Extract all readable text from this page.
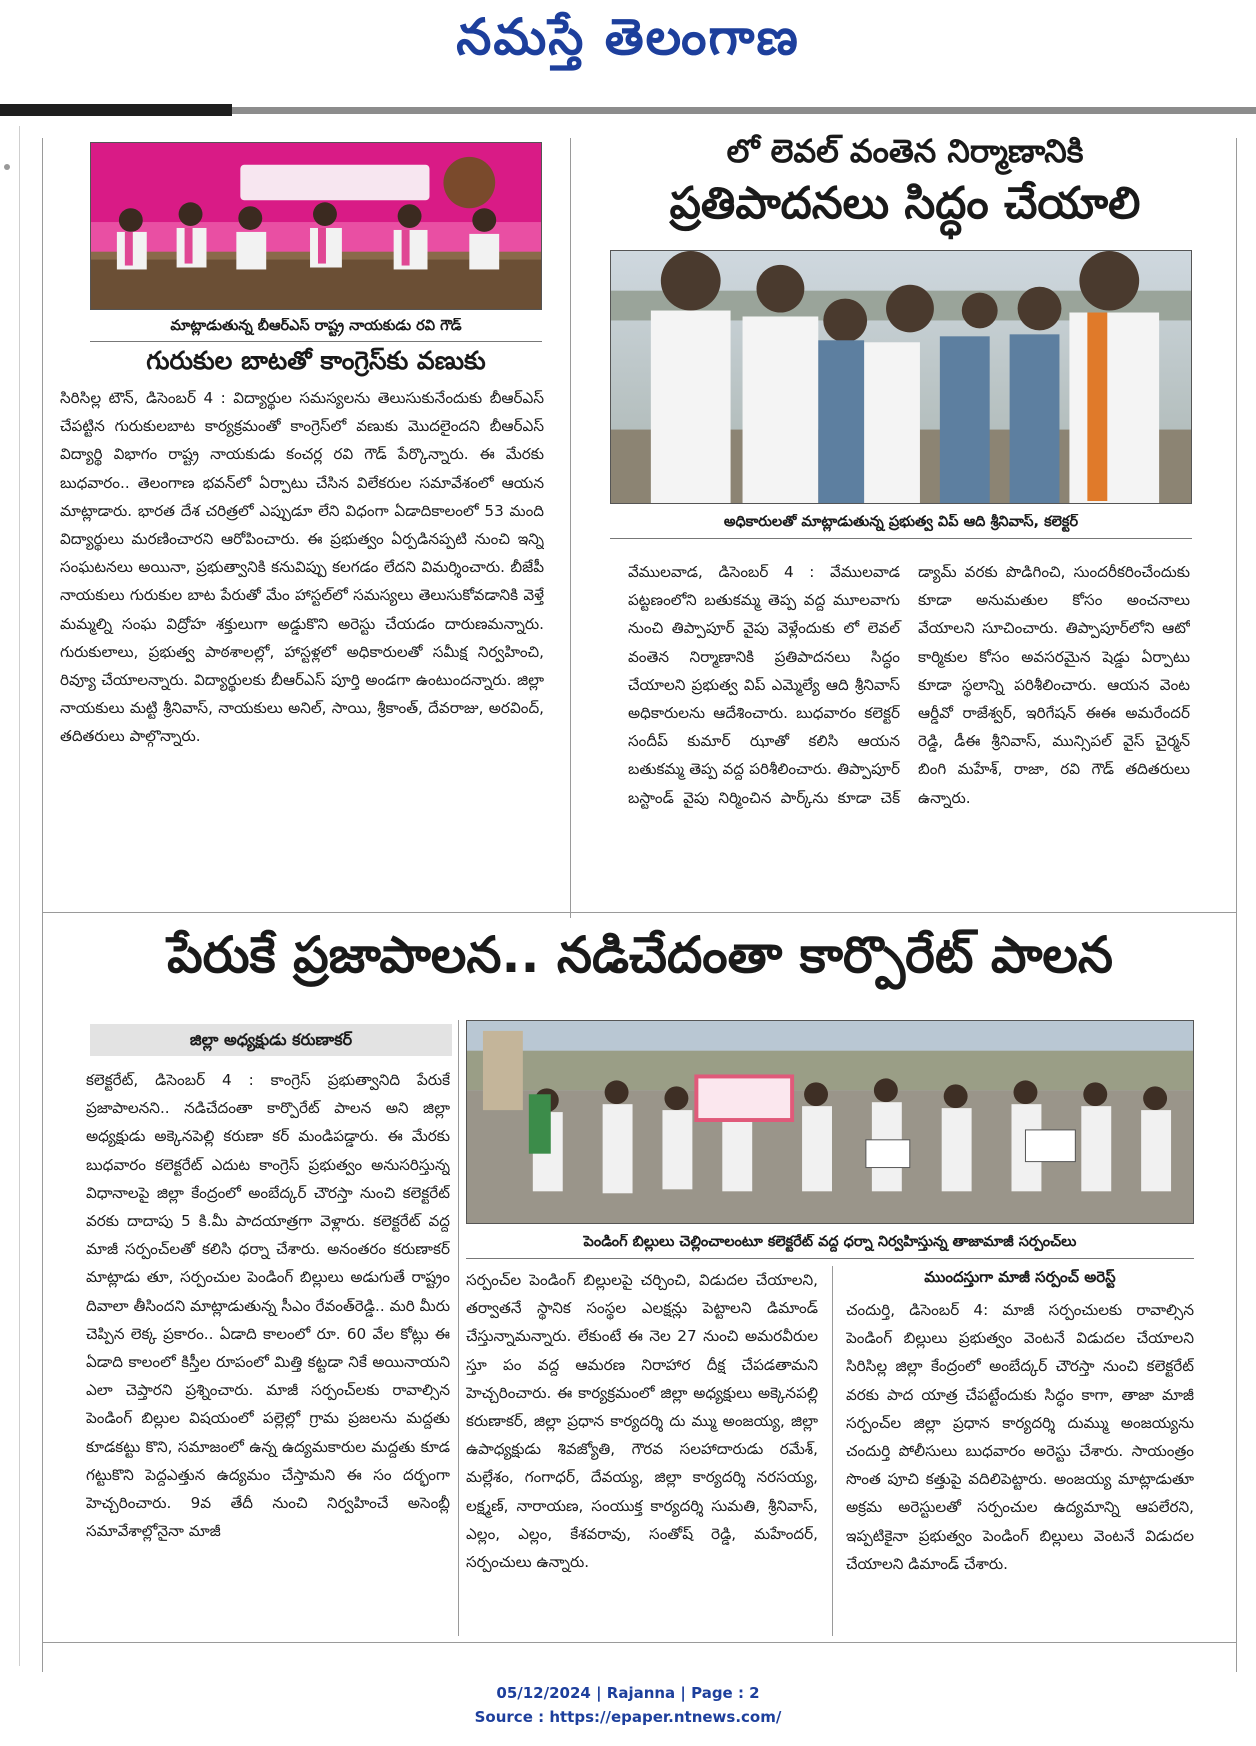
నమస్తే తెలంగాణ
మాట్లాడుతున్న బీఆర్‌ఎస్‌ రాష్ట్ర నాయకుడు రవి గౌడ్‌
గురుకుల బాటతో కాంగ్రెస్‌కు వణుకు

సిరిసిల్ల టౌన్‌, డిసెంబర్‌ 4 : విద్యార్థుల సమస్యలను తెలుసుకునేందుకు బీఆర్‌ఎస్‌ చేపట్టిన గురుకులబాట కార్యక్రమంతో కాంగ్రెస్‌లో వణుకు మొదలైందని బీఆర్‌ఎస్‌ విద్యార్థి విభాగం రాష్ట్ర నాయకుడు కంచర్ల రవి గౌడ్‌ పేర్కొన్నారు. ఈ మేరకు బుధవారం.. తెలంగాణ భవన్‌లో ఏర్పాటు చేసిన విలేకరుల సమావేశంలో ఆయన మాట్లాడారు. భారత దేశ చరిత్రలో ఎప్పుడూ లేని విధంగా ఏడాదికాలంలో 53 మంది విద్యార్థులు మరణించారని ఆరోపించారు. ఈ ప్రభుత్వం ఏర్పడినప్పటి నుంచి ఇన్ని సంఘటనలు అయినా, ప్రభుత్వానికి కనువిప్పు కలగడం లేదని విమర్శించారు. బీజేపీ నాయకులు గురుకుల బాట పేరుతో మేం హాస్టల్‌లో సమస్యలు తెలుసుకోవడానికి వెళ్తే మమ్మల్ని సంఘ విద్రోహ శక్తులుగా అడ్డుకొని అరెస్టు చేయడం దారుణమన్నారు. గురుకులాలు, ప్రభుత్వ పాఠశాలల్లో, హాస్టళ్లలో అధికారులతో సమీక్ష నిర్వహించి, రివ్యూ చేయాలన్నారు. విద్యార్థులకు బీఆర్‌ఎస్‌ పూర్తి అండగా ఉంటుందన్నారు. జిల్లా నాయకులు మట్టి శ్రీనివాస్‌, నాయకులు అనిల్‌, సాయి, శ్రీకాంత్‌, దేవరాజు, అరవింద్‌, తదితరులు పాల్గొన్నారు.

లో లెవల్‌ వంతెన నిర్మాణానికి
ప్రతిపాదనలు సిద్ధం చేయాలి
అధికారులతో మాట్లాడుతున్న ప్రభుత్వ విప్‌ ఆది శ్రీనివాస్‌, కలెక్టర్‌

వేములవాడ, డిసెంబర్‌ 4 : వేములవాడ పట్టణంలోని బతుకమ్మ తెప్ప వద్ద మూలవాగు నుంచి తిప్పాపూర్‌ వైపు వెళ్లేందుకు లో లెవల్‌ వంతెన నిర్మాణానికి ప్రతిపాదనలు సిద్ధం చేయాలని ప్రభుత్వ విప్‌ ఎమ్మెల్యే ఆది శ్రీనివాస్‌ అధికారులను ఆదేశించారు. బుధవారం కలెక్టర్‌ సందీప్‌ కుమార్‌ ఝాతో కలిసి ఆయన బతుకమ్మ తెప్ప వద్ద పరిశీలించారు. తిప్పాపూర్‌ బస్టాండ్‌ వైపు నిర్మించిన పార్క్‌ను కూడా చెక్‌ డ్యామ్‌ వరకు పొడిగించి, సుందరీకరించేందుకు కూడా అనుమతుల కోసం అంచనాలు వేయాలని సూచించారు. తిప్పాపూర్‌లోని ఆటో కార్మికుల కోసం అవసరమైన షెడ్డు ఏర్పాటు కూడా స్థలాన్ని పరిశీలించారు. ఆయన వెంట ఆర్డీవో రాజేశ్వర్‌, ఇరిగేషన్‌ ఈఈ అమరేందర్‌ రెడ్డి, డీఈ శ్రీనివాస్‌, మున్సిపల్‌ వైస్‌ చైర్మన్‌ బింగి మహేశ్‌, రాజా, రవి గౌడ్‌ తదితరులు ఉన్నారు.

పేరుకే ప్రజాపాలన.. నడిచేదంతా కార్పొరేట్‌ పాలన
జిల్లా అధ్యక్షుడు కరుణాకర్‌

కలెక్టరేట్‌, డిసెంబర్‌ 4 : కాంగ్రెస్‌ ప్రభుత్వానిది పేరుకే ప్రజాపాలనని.. నడిచేదంతా కార్పొరేట్‌ పాలన అని జిల్లా అధ్యక్షుడు అక్కెనపెల్లి కరుణా కర్‌ మండిపడ్డారు. ఈ మేరకు బుధవారం కలెక్టరేట్‌ ఎదుట కాంగ్రెస్‌ ప్రభుత్వం అనుసరిస్తున్న విధానాలపై జిల్లా కేంద్రంలో అంబేద్కర్‌ చౌరస్తా నుంచి కలెక్టరేట్‌ వరకు దాదాపు 5 కి.మీ పాదయాత్రగా వెళ్లారు. కలెక్టరేట్‌ వద్ద మాజీ సర్పంచ్‌లతో కలిసి ధర్నా చేశారు. అనంతరం కరుణాకర్‌ మాట్లాడు తూ, సర్పంచుల పెండింగ్‌ బిల్లులు అడుగుతే రాష్ట్రం దివాలా తీసిందని మాట్లాడుతున్న సీఎం రేవంత్‌రెడ్డి.. మరి మీరు చెప్పిన లెక్క ప్రకారం.. ఏడాది కాలంలో రూ. 60 వేల కోట్లు ఈ ఏడాది కాలంలో కిస్తీల రూపంలో మిత్తి కట్టడా నికే అయినాయని ఎలా చెప్తారని ప్రశ్నించారు. మాజీ సర్పంచ్‌లకు రావాల్సిన పెండింగ్‌ బిల్లుల విషయంలో పల్లెల్లో గ్రామ ప్రజలను మద్దతు కూడకట్టు కొని, సమాజంలో ఉన్న ఉద్యమకారుల మద్దతు కూడ గట్టుకొని పెద్దఎత్తున ఉద్యమం చేస్తామని ఈ సం దర్భంగా హెచ్చరించారు. 9వ తేదీ నుంచి నిర్వహించే అసెంబ్లీ సమావేశాల్లోనైనా మాజీ

పెండింగ్‌ బిల్లులు చెల్లించాలంటూ కలెక్టరేట్‌ వద్ద ధర్నా నిర్వహిస్తున్న తాజామాజీ సర్పంచ్‌లు

సర్పంచ్‌ల పెండింగ్‌ బిల్లులపై చర్చించి, విడుదల చేయాలని, తర్వాతనే స్థానిక సంస్థల ఎలక్షన్లు పెట్టాలని డిమాండ్‌ చేస్తున్నామన్నారు. లేకుంటే ఈ నెల 27 నుంచి అమరవీరుల స్తూ పం వద్ద ఆమరణ నిరాహార దీక్ష చేపడతామని హెచ్చరించారు. ఈ కార్యక్రమంలో జిల్లా అధ్యక్షులు అక్కెనపల్లి కరుణాకర్‌, జిల్లా ప్రధాన కార్యదర్శి దు మ్ము అంజయ్య, జిల్లా ఉపాధ్యక్షుడు శివజ్యోతి, గౌరవ సలహాదారుడు రమేశ్‌, మల్లేశం, గంగాధర్‌, దేవయ్య, జిల్లా కార్యదర్శి నరసయ్య, లక్ష్మణ్‌, నారాయణ, సంయుక్త కార్యదర్శి సుమతి, శ్రీనివాస్‌, ఎల్లం, ఎల్లం, కేశవరావు, సంతోష్‌ రెడ్డి, మహేందర్‌, సర్పంచులు ఉన్నారు.

ముందస్తుగా మాజీ సర్పంచ్‌ అరెస్ట్‌

చందుర్తి, డిసెంబర్‌ 4: మాజీ సర్పంచులకు రావాల్సిన పెండింగ్‌ బిల్లులు ప్రభుత్వం వెంటనే విడుదల చేయాలని సిరిసిల్ల జిల్లా కేంద్రంలో అంబేద్కర్‌ చౌరస్తా నుంచి కలెక్టరేట్‌ వరకు పాద యాత్ర చేపట్టేందుకు సిద్ధం కాగా, తాజా మాజీ సర్పంచ్‌ల జిల్లా ప్రధాన కార్యదర్శి దుమ్ము అంజయ్యను చందుర్తి పోలీసులు బుధవారం అరెస్టు చేశారు. సాయంత్రం సొంత పూచి కత్తుపై వదిలిపెట్టారు. అంజయ్య మాట్లాడుతూ అక్రమ అరెస్టులతో సర్పంచుల ఉద్యమాన్ని ఆపలేరని, ఇప్పటికైనా ప్రభుత్వం పెండింగ్‌ బిల్లులు వెంటనే విడుదల చేయాలని డిమాండ్‌ చేశారు.

05/12/2024 | Rajanna | Page : 2
Source : https://epaper.ntnews.com/
